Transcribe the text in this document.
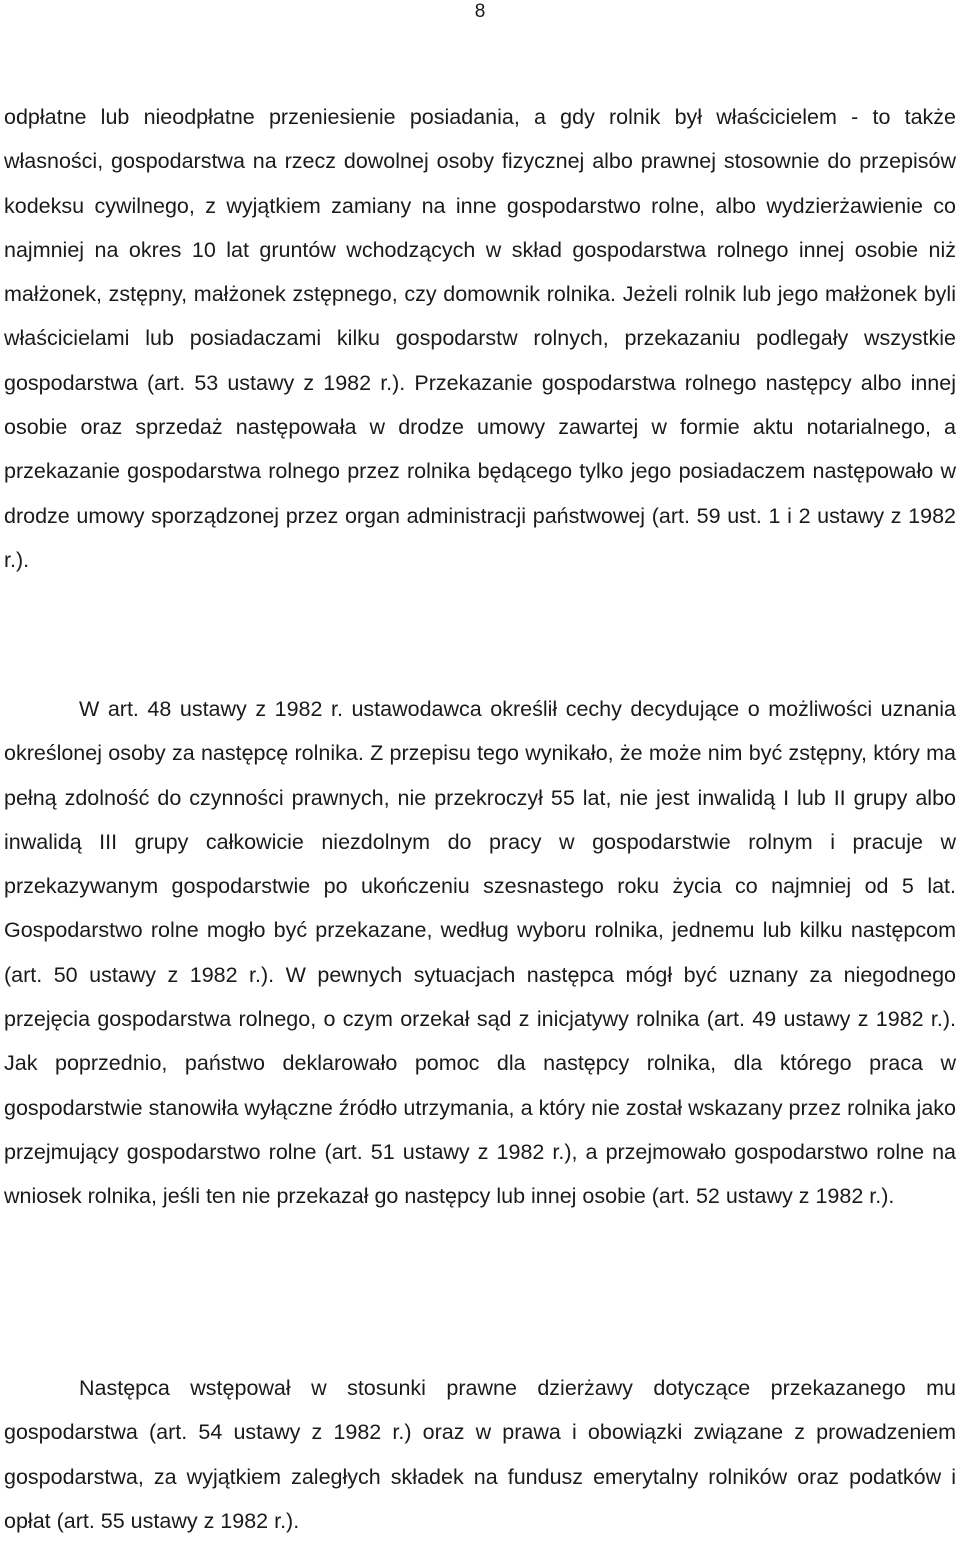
8

odpłatne lub nieodpłatne przeniesienie posiadania, a gdy rolnik był właścicielem - to także własności, gospodarstwa na rzecz dowolnej osoby fizycznej albo prawnej stosownie do przepisów kodeksu cywilnego, z wyjątkiem zamiany na inne gospodarstwo rolne, albo wydzierżawienie co najmniej na okres 10 lat gruntów wchodzących w skład gospodarstwa rolnego innej osobie niż małżonek, zstępny, małżonek zstępnego, czy domownik rolnika. Jeżeli rolnik lub jego małżonek byli właścicielami lub posiadaczami kilku gospodarstw rolnych, przekazaniu podlegały wszystkie gospodarstwa (art. 53 ustawy z 1982 r.). Przekazanie gospodarstwa rolnego następcy albo innej osobie oraz sprzedaż następowała w drodze umowy zawartej w formie aktu notarialnego, a przekazanie gospodarstwa rolnego przez rolnika będącego tylko jego posiadaczem następowało w drodze umowy sporządzonej przez organ administracji państwowej (art. 59 ust. 1 i 2 ustawy z 1982 r.).

W art. 48 ustawy z 1982 r. ustawodawca określił cechy decydujące o możliwości uznania określonej osoby za następcę rolnika. Z przepisu tego wynikało, że może nim być zstępny, który ma pełną zdolność do czynności prawnych, nie przekroczył 55 lat, nie jest inwalidą I lub II grupy albo inwalidą III grupy całkowicie niezdolnym do pracy w gospodarstwie rolnym i pracuje w przekazywanym gospodarstwie po ukończeniu szesnastego roku życia co najmniej od 5 lat. Gospodarstwo rolne mogło być przekazane, według wyboru rolnika, jednemu lub kilku następcom (art. 50 ustawy z 1982 r.). W pewnych sytuacjach następca mógł być uznany za niegodnego przejęcia gospodarstwa rolnego, o czym orzekał sąd z inicjatywy rolnika (art. 49 ustawy z 1982 r.). Jak poprzednio, państwo deklarowało pomoc dla następcy rolnika, dla którego praca w gospodarstwie stanowiła wyłączne źródło utrzymania, a który nie został wskazany przez rolnika jako przejmujący gospodarstwo rolne (art. 51 ustawy z 1982 r.), a przejmowało gospodarstwo rolne na wniosek rolnika, jeśli ten nie przekazał go następcy lub innej osobie (art. 52 ustawy z 1982 r.).

Następca wstępował w stosunki prawne dzierżawy dotyczące przekazanego mu gospodarstwa (art. 54 ustawy z 1982 r.) oraz w prawa i obowiązki związane z prowadzeniem gospodarstwa, za wyjątkiem zaległych składek na fundusz emerytalny rolników oraz podatków i opłat (art. 55 ustawy z 1982 r.).
